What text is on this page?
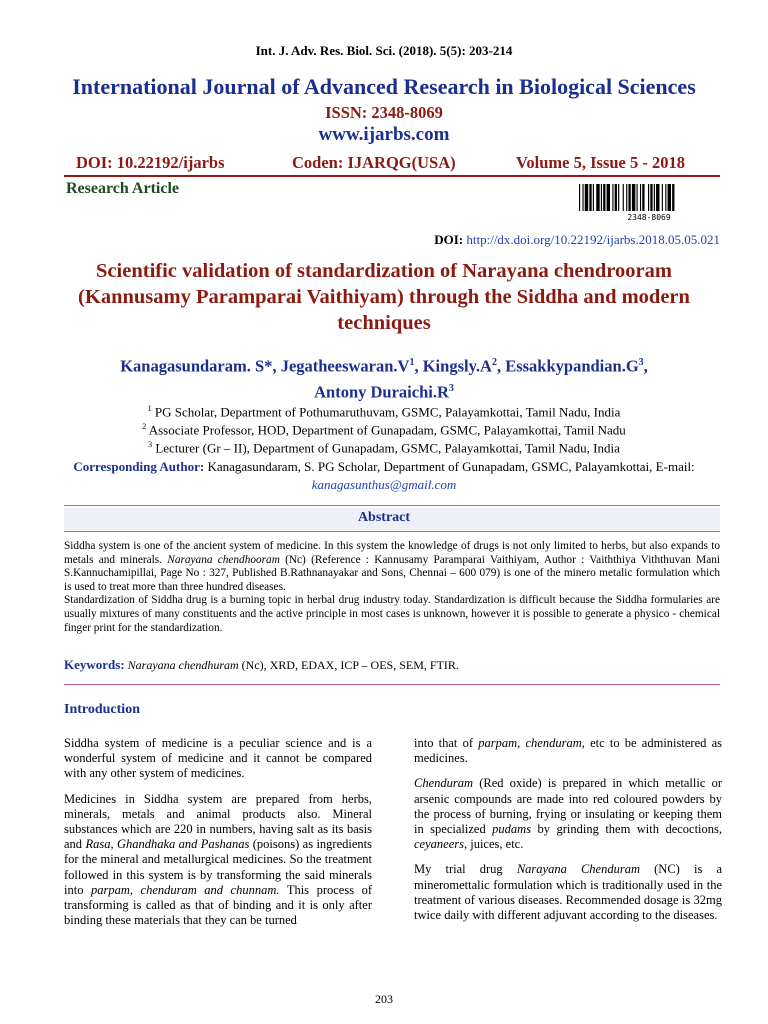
Int. J. Adv. Res. Biol. Sci. (2018). 5(5): 203-214
International Journal of Advanced Research in Biological Sciences
ISSN: 2348-8069
www.ijarbs.com
DOI: 10.22192/ijarbs	Coden: IJARQG(USA)	Volume 5, Issue 5 - 2018
Research Article
2348-8069
DOI: http://dx.doi.org/10.22192/ijarbs.2018.05.05.021
Scientific validation of standardization of Narayana chendrooram (Kannusamy Paramparai Vaithiyam) through the Siddha and modern techniques
Kanagasundaram. S*, $Jegatheeswaran.V^1$, $Kingsly.A^2$, $Essakkypandian.G^3$,
Antony $Duraichi.R^3$
$^1$ PG Scholar, Department of Pothumaruthuvam, GSMC, Palayamkottai, Tamil Nadu, India
$^2$ Associate Professor, HOD, Department of Gunapadam, GSMC, Palayamkottai, Tamil Nadu
$^3$ Lecturer (Gr – II), Department of Gunapadam, GSMC, Palayamkottai, Tamil Nadu, India
Corresponding Author: Kanagasundaram, S. PG Scholar, Department of Gunapadam, GSMC, Palayamkottai, E-mail: kanagasunthus@gmail.com
Abstract

Siddha system is one of the ancient system of medicine. In this system the knowledge of drugs is not only limited to herbs, but also expands to metals and minerals. Narayana chendhooram (Nc) (Reference : Kannusamy Paramparai Vaithiyam, Author : Vaiththiya Viththuvan Mani S.Kannuchamipillai, Page No : 327, Published B.Rathnanayakar and Sons, Chennai – 600 079) is one of the minero metalic formulation which is used to treat more than three hundred diseases.

Standardization of Siddha drug is a burning topic in herbal drug industry today. Standardization is difficult because the Siddha formularies are usually mixtures of many constituents and the active principle in most cases is unknown, however it is possible to generate a physico - chemical finger print for the standardization.

Keywords: Narayana chendhuram (Nc), XRD, EDAX, ICP – OES, SEM, FTIR.
Introduction

Siddha system of medicine is a peculiar science and is a wonderful system of medicine and it cannot be compared with any other system of medicines.

Medicines in Siddha system are prepared from herbs, minerals, metals and animal products also. Mineral substances which are 220 in numbers, having salt as its basis and Rasa, Ghandhaka and Pashanas (poisons) as ingredients for the mineral and metallurgical medicines. So the treatment followed in this system is by transforming the said minerals into parpam, chenduram and chunnam. This process of transforming is called as that of binding and it is only after binding these materials that they can be turned

into that of parpam, chenduram, etc to be administered as medicines.

Chenduram (Red oxide) is prepared in which metallic or arsenic compounds are made into red coloured powders by the process of burning, frying or insulating or keeping them in specialized pudams by grinding them with decoctions, ceyaneers, juices, etc.

My trial drug Narayana Chenduram (NC) is a mineromettalic formulation which is traditionally used in the treatment of various diseases. Recommended dosage is 32mg twice daily with different adjuvant according to the diseases.

203
